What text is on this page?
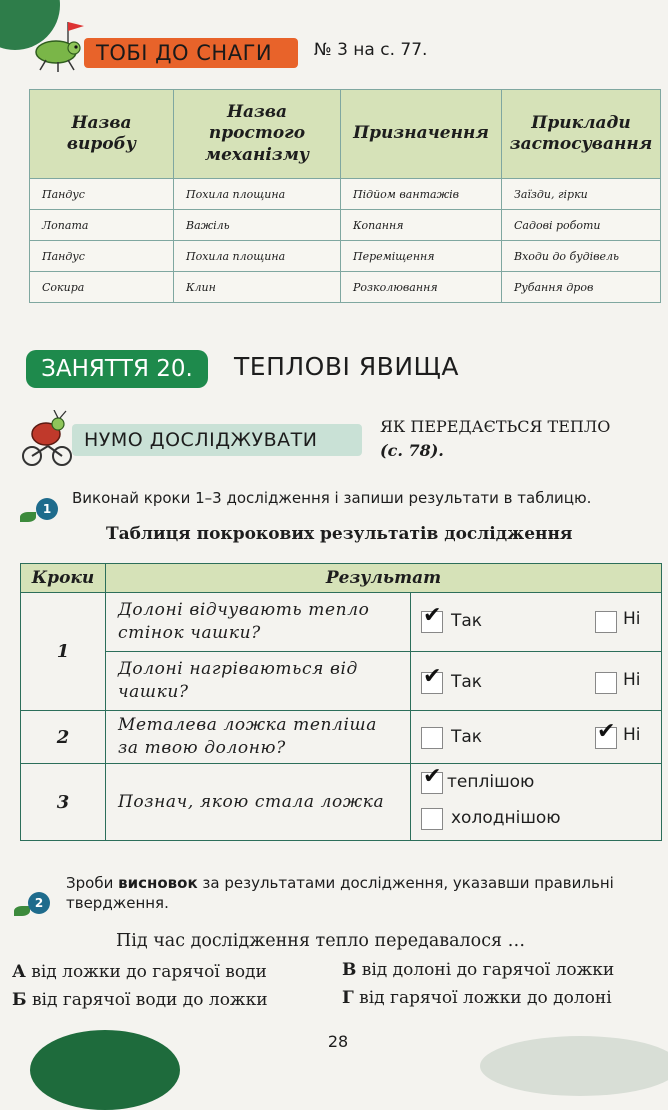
ТОБІ ДО СНАГИ № 3 на с. 77.
Назва виробу	Назва простого механізму	Призначення	Приклади застосування
Пандус	Похила площина	Підйом вантажів	Заїзди, гірки
Лопата	Важіль	Копання	Садові роботи
Пандус	Похила площина	Переміщення	Входи до будівель
Сокира	Клин	Розколювання	Рубання дров
ЗАНЯТТЯ 20. ТЕПЛОВІ ЯВИЩА
НУМО ДОСЛІДЖУВАТИ
ЯК ПЕРЕДАЄТЬСЯ ТЕПЛО
(с. 78).
1
Виконай кроки 1–3 дослідження і запиши результати в таблицю.
Таблиця покрокових результатів дослідження
Кроки	Результат	
1	Долоні відчувають тепло стінок чашки?	✔ Так Ні

	Долоні нагріваються від чашки?	✔ Так Ні

2	Металева ложка тепліша за твою долоню?	Так ✔ Ні

3	Познач, якою стала ложка	✔ теплішою
холоднішою
2
Зроби висновок за результатами дослідження, указавши правильні твердження.
Під час дослідження тепло передавалося …
А від ложки до гарячої води	В від долоні до гарячої ложки
Б від гарячої води до ложки	Г від гарячої ложки до долоні
28
